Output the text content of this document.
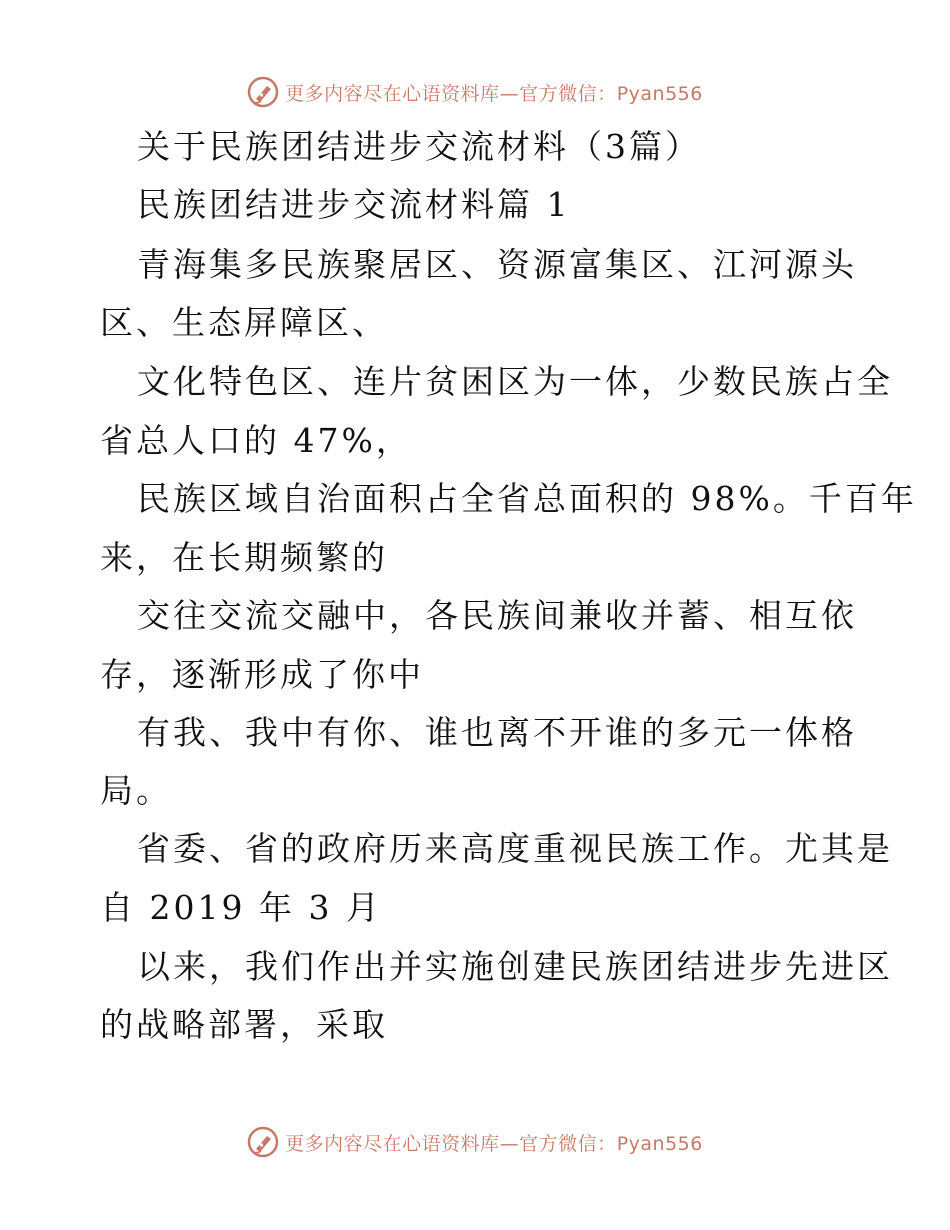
更多内容尽在心语资料库—官方微信：Pyan556
关于民族团结进步交流材料（3篇）
民族团结进步交流材料篇 1
青海集多民族聚居区、资源富集区、江河源头
区、生态屏障区、
文化特色区、连片贫困区为一体，少数民族占全
省总人口的 47%，
民族区域自治面积占全省总面积的 98%。千百年
来，在长期频繁的
交往交流交融中，各民族间兼收并蓄、相互依
存，逐渐形成了你中
有我、我中有你、谁也离不开谁的多元一体格
局。
省委、省的政府历来高度重视民族工作。尤其是
自 2019 年 3 月
以来，我们作出并实施创建民族团结进步先进区
的战略部署，采取
更多内容尽在心语资料库—官方微信：Pyan556
